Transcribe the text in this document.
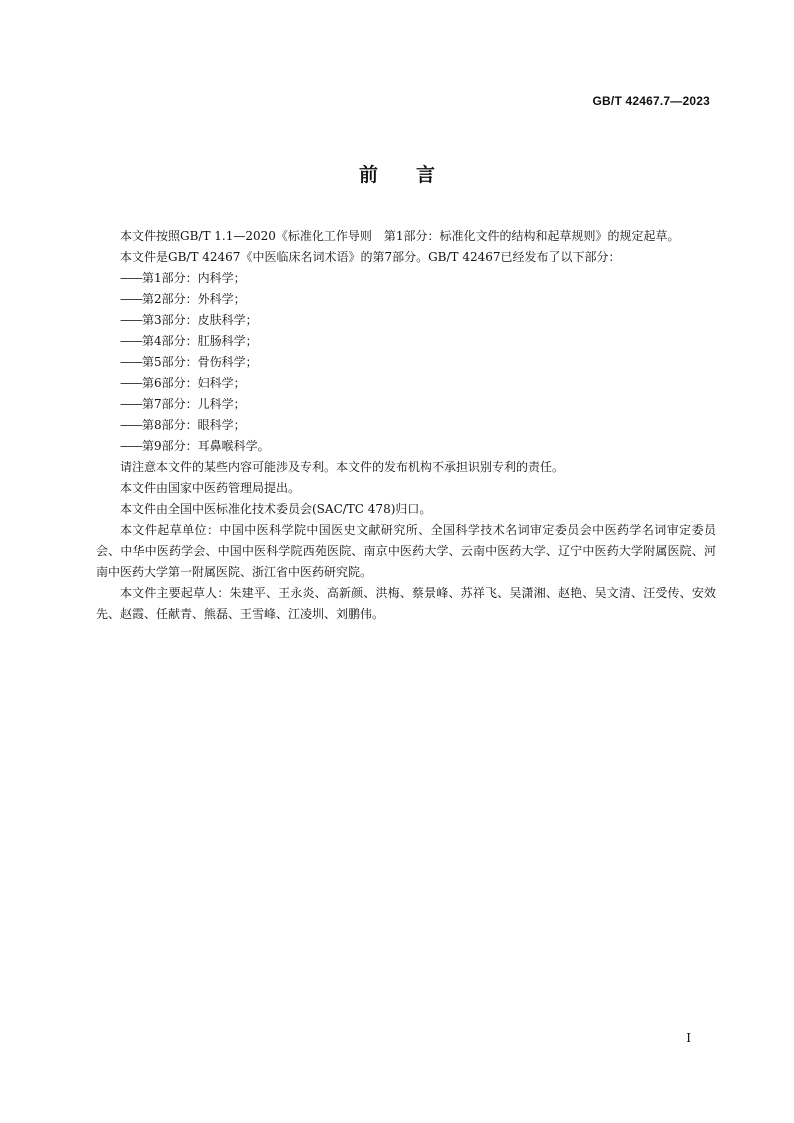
GB/T 42467.7—2023
前言

本文件按照GB/T 1.1—2020《标准化工作导则　第1部分：标准化文件的结构和起草规则》的规定起草。

本文件是GB/T 42467《中医临床名词术语》的第7部分。GB/T 42467已经发布了以下部分：

——第1部分：内科学；

——第2部分：外科学；

——第3部分：皮肤科学；

——第4部分：肛肠科学；

——第5部分：骨伤科学；

——第6部分：妇科学；

——第7部分：儿科学；

——第8部分：眼科学；

——第9部分：耳鼻喉科学。

请注意本文件的某些内容可能涉及专利。本文件的发布机构不承担识别专利的责任。

本文件由国家中医药管理局提出。

本文件由全国中医标准化技术委员会(SAC/TC 478)归口。

本文件起草单位：中国中医科学院中国医史文献研究所、全国科学技术名词审定委员会中医药学名词审定委员会、中华中医药学会、中国中医科学院西苑医院、南京中医药大学、云南中医药大学、辽宁中医药大学附属医院、河南中医药大学第一附属医院、浙江省中医药研究院。

本文件主要起草人：朱建平、王永炎、高新颜、洪梅、蔡景峰、苏祥飞、吴潇湘、赵艳、吴文清、汪受传、安效先、赵霞、任献青、熊磊、王雪峰、江凌圳、刘鹏伟。

I
